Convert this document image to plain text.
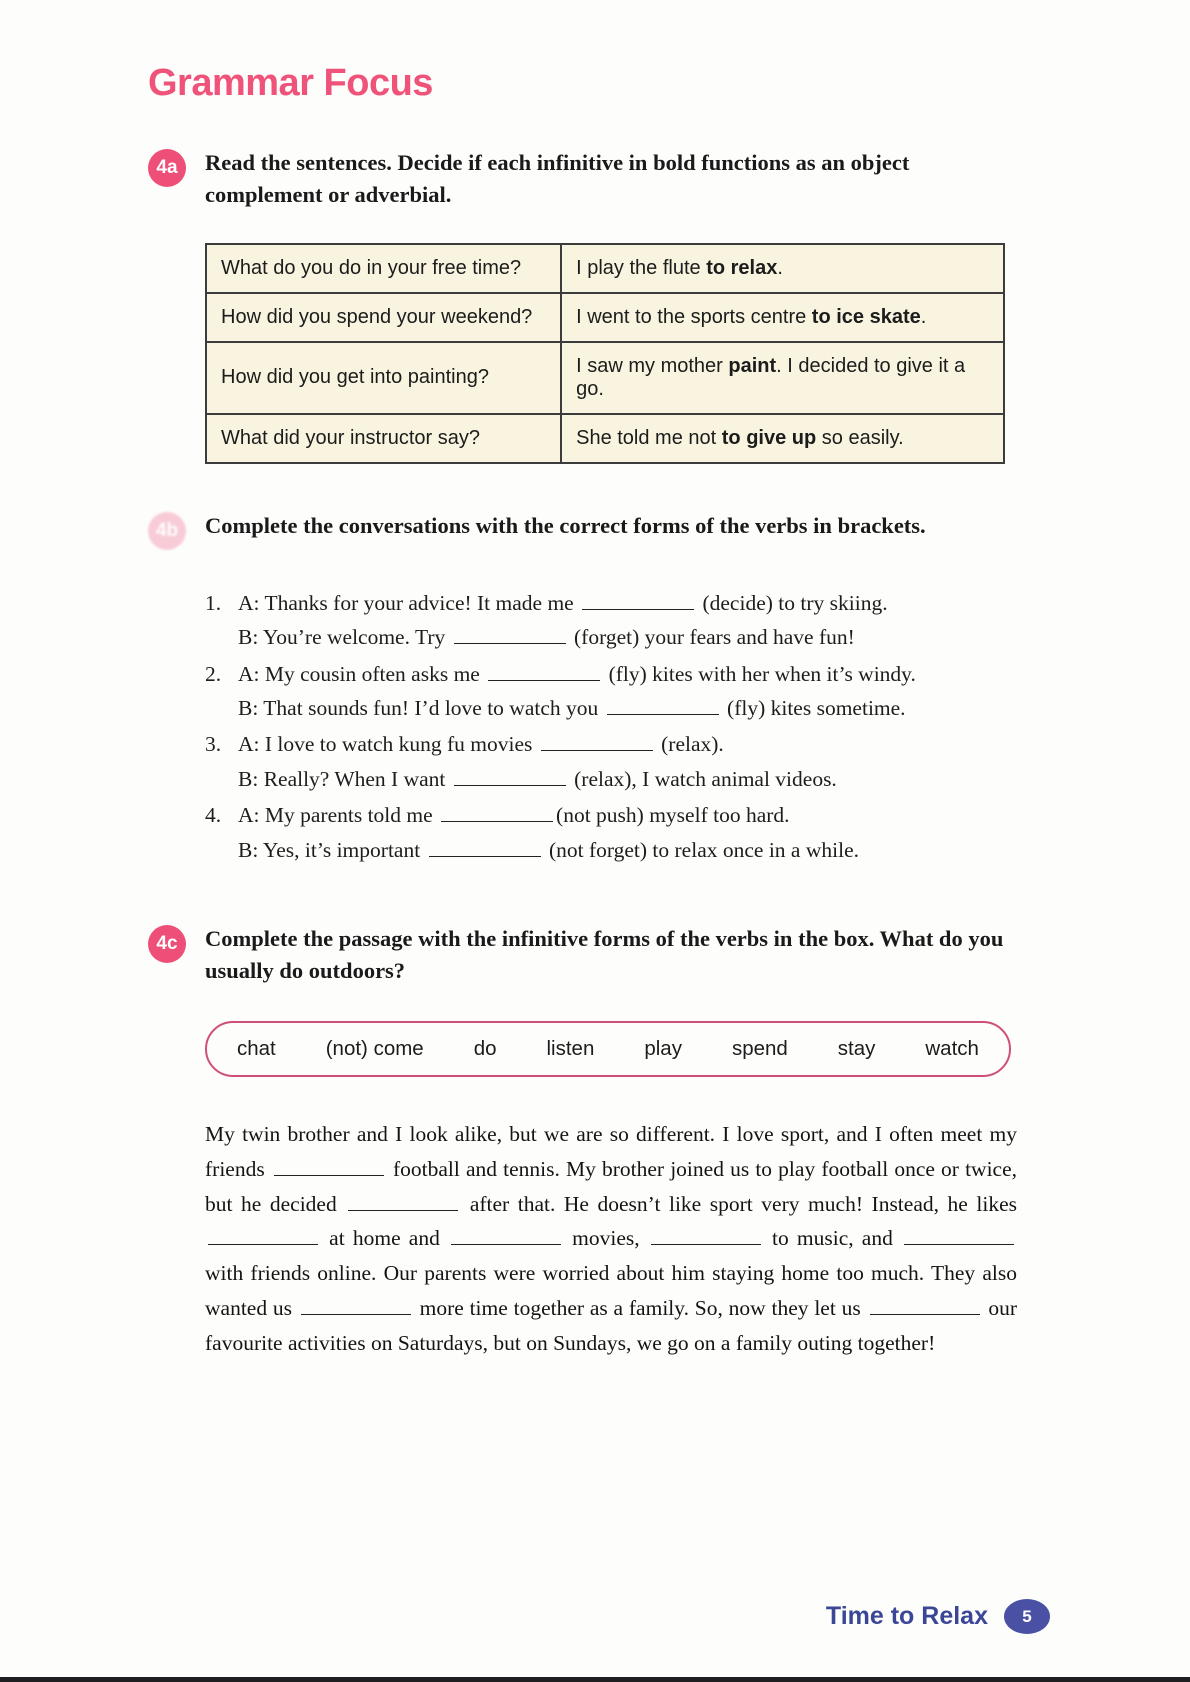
Grammar Focus
4a	Read the sentences. Decide if each infinitive in bold functions as an object complement or adverbial.
What do you do in your free time?	I play the flute to relax.
How did you spend your weekend?	I went to the sports centre to ice skate.
How did you get into painting?	I saw my mother paint. I decided to give it a go.
What did your instructor say?	She told me not to give up so easily.
4b	Complete the conversations with the correct forms of the verbs in brackets.
1. A: Thanks for your advice! It made me	(decide) to try skiing.
B: You’re welcome. Try	(forget) your fears and have fun!
2. A: My cousin often asks me	(fly) kites with her when it’s windy.
B: That sounds fun! I’d love to watch you	(fly) kites sometime.
3. A: I love to watch kung fu movies	(relax).
B: Really? When I want	(relax), I watch animal videos.
4. A: My parents told me	(not push) myself too hard.
B: Yes, it’s important	(not forget) to relax once in a while.
4c	Complete the passage with the infinitive forms of the verbs in the box. What do you usually do outdoors?
chat (not) come do listen play spend stay watch

My twin brother and I look alike, but we are so different. I love sport, and I often meet my friends	football and tennis. My brother joined us to play football once or twice, but he decided	after that. He doesn’t like sport very much! Instead, he likes  at home and	movies,	to music, and  with friends online. Our parents were worried about him staying home too much. They also wanted us	more time together as a family. So, now they let us	our favourite activities on Saturdays, but on Sundays, we go on a family outing together!

Time to Relax	5
